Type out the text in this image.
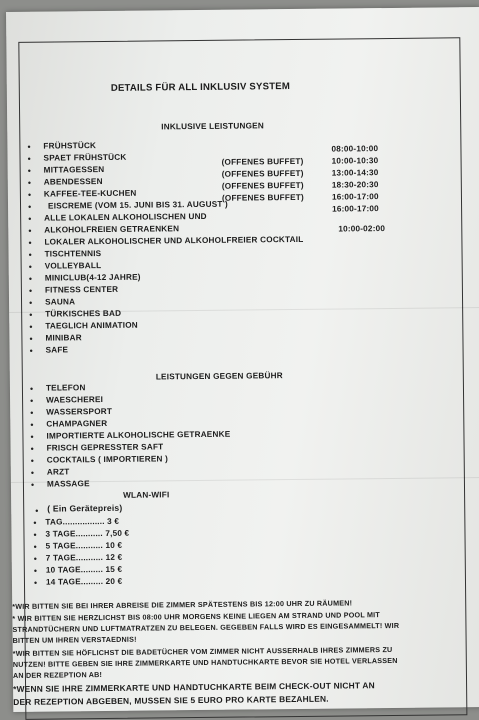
DETAILS FÜR ALL INKLUSIV SYSTEM
INKLUSIVE LEISTUNGEN
• FRÜHSTÜCK
• SPAET FRÜHSTÜCK
• MITTAGESSEN
• ABENDESSEN
• KAFFEE-TEE-KUCHEN
• EISCREME (VOM 15. JUNI BIS 31. AUGUST )
• ALLE LOKALEN ALKOHOLISCHEN UND
• ALKOHOLFREIEN GETRAENKEN
• LOKALER ALKOHOLISCHER UND ALKOHOLFREIER COCKTAIL
• TISCHTENNIS
• VOLLEYBALL
• MINICLUB(4-12 JAHRE)
• FITNESS CENTER
• SAUNA
• TÜRKISCHES BAD
• TAEGLICH ANIMATION
• MINIBAR
• SAFE
(OFFENES BUFFET)
(OFFENES BUFFET)
(OFFENES BUFFET)
(OFFENES BUFFET)
08:00-10:00
10:00-10:30
13:00-14:30
18:30-20:30
16:00-17:00
16:00-17:00
10:00-02:00
LEISTUNGEN GEGEN GEBÜHR
• TELEFON
• WAESCHEREI
• WASSERSPORT
• CHAMPAGNER
• IMPORTIERTE ALKOHOLISCHE GETRAENKE
• FRISCH GEPRESSTER SAFT
• COCKTAILS ( IMPORTIEREN )
• ARZT
• MASSAGE
WLAN-WIFI
• ( Ein Gerätepreis)
• TAG................. 3 €
• 3 TAGE........... 7,50 €
• 5 TAGE........... 10 €
• 7 TAGE........... 12 €
• 10 TAGE......... 15 €
• 14 TAGE......... 20 €
*WIR BITTEN SIE BEI IHRER ABREISE DIE ZIMMER SPÄTESTENS BIS 12:00 UHR ZU RÄUMEN!
* WIR BITTEN SIE HERZLICHST BIS 08:00 UHR MORGENS KEINE LIEGEN AM STRAND UND POOL MIT
STRANDTÜCHERN UND LUFTMATRATZEN ZU BELEGEN. GEGEBEN FALLS WIRD ES EINGESAMMELT! WIR
BITTEN UM IHREN VERSTAEDNIS!
*WIR BITTEN SIE HÖFLICHST DIE BADETÜCHER VOM ZIMMER NICHT AUSSERHALB IHRES ZIMMERS ZU
NUTZEN! BITTE GEBEN SIE IHRE ZIMMERKARTE UND HANDTUCHKARTE BEVOR SIE HOTEL VERLASSEN
AN DER REZEPTION AB!
*WENN SIE IHRE ZIMMERKARTE UND HANDTUCHKARTE BEIM CHECK-OUT NICHT AN
DER REZEPTION ABGEBEN, MUSSEN SIE 5 EURO PRO KARTE BEZAHLEN.
